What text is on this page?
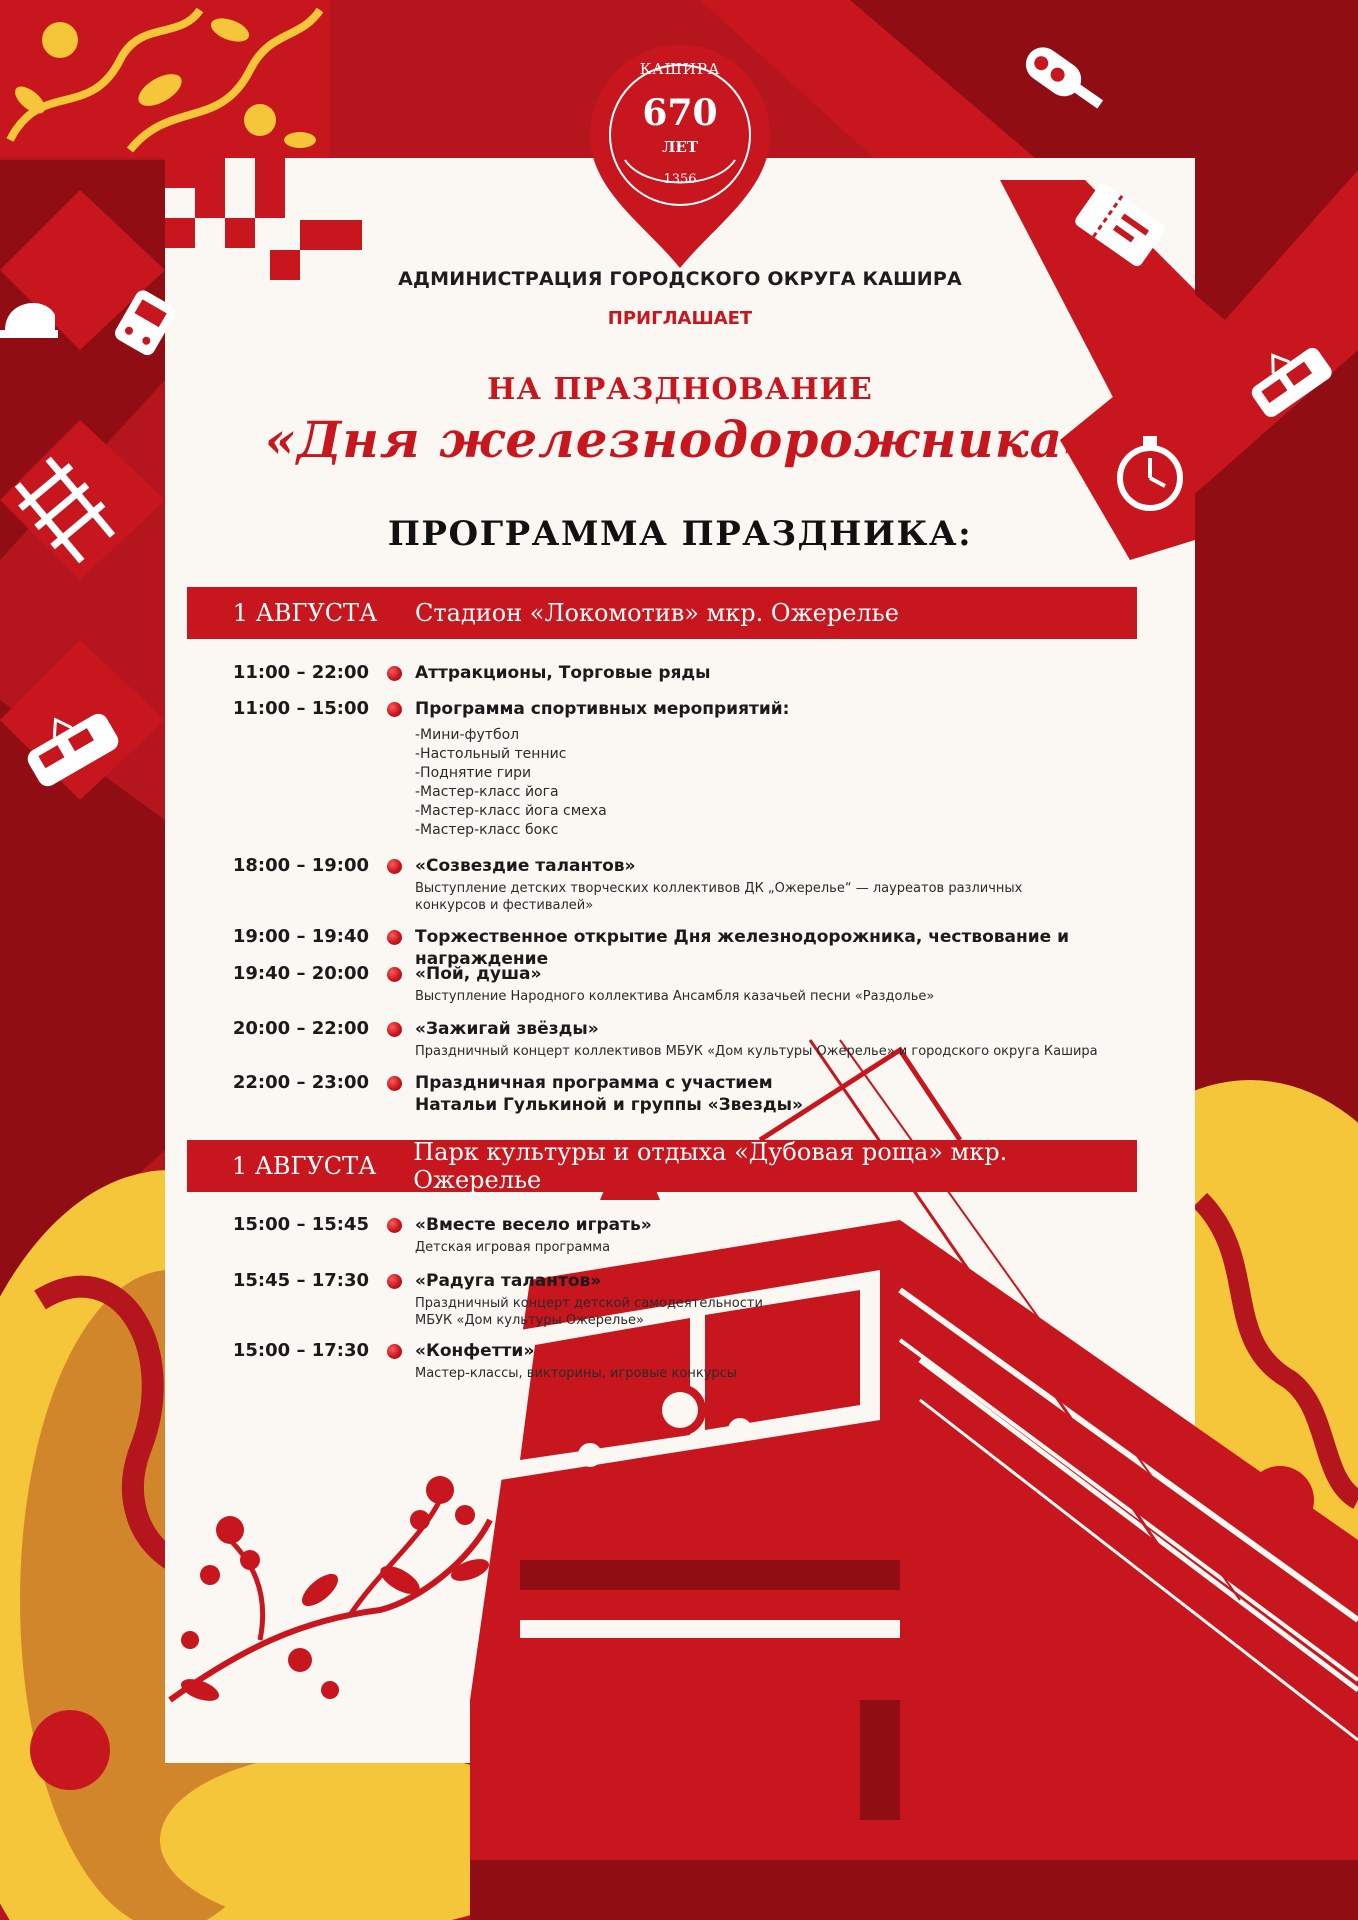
КАШИРА
670
ЛЕТ
1356
АДМИНИСТРАЦИЯ ГОРОДСКОГО ОКРУГА КАШИРА
ПРИГЛАШАЕТ
НА ПРАЗДНОВАНИЕ
«Дня железнодорожника»
ПРОГРАММА ПРАЗДНИКА:
1 АВГУСТА	Стадион «Локомотив» мкр. Ожерелье
11:00 – 22:00	Аттракционы, Торговые ряды
11:00 – 15:00	Программа спортивных мероприятий:
-Мини-футбол
-Настольный теннис
-Поднятие гири
-Мастер-класс йога
-Мастер-класс йога смеха
-Мастер-класс бокс
18:00 – 19:00	«Созвездие талантов»
Выступление детских творческих коллективов ДК „Ожерелье“ — лауреатов различных
конкурсов и фестивалей»
19:00 – 19:40	Торжественное открытие Дня железнодорожника, чествование и награждение
19:40 – 20:00	«Пой, душа»
Выступление Народного коллектива Ансамбля казачьей песни «Раздолье»
20:00 – 22:00	«Зажигай звёзды»
Праздничный концерт коллективов МБУК «Дом культуры Ожерелье» и городского округа Кашира
22:00 – 23:00	Праздничная программа с участием
Натальи Гулькиной и группы «Звезды»
1 АВГУСТА	Парк культуры и отдыха «Дубовая роща» мкр. Ожерелье
15:00 – 15:45	«Вместе весело играть»
Детская игровая программа
15:45 – 17:30	«Радуга талантов»
Праздничный концерт детской самодеятельности
МБУК «Дом культуры Ожерелье»
15:00 – 17:30	«Конфетти»
Мастер-классы, викторины, игровые конкурсы
